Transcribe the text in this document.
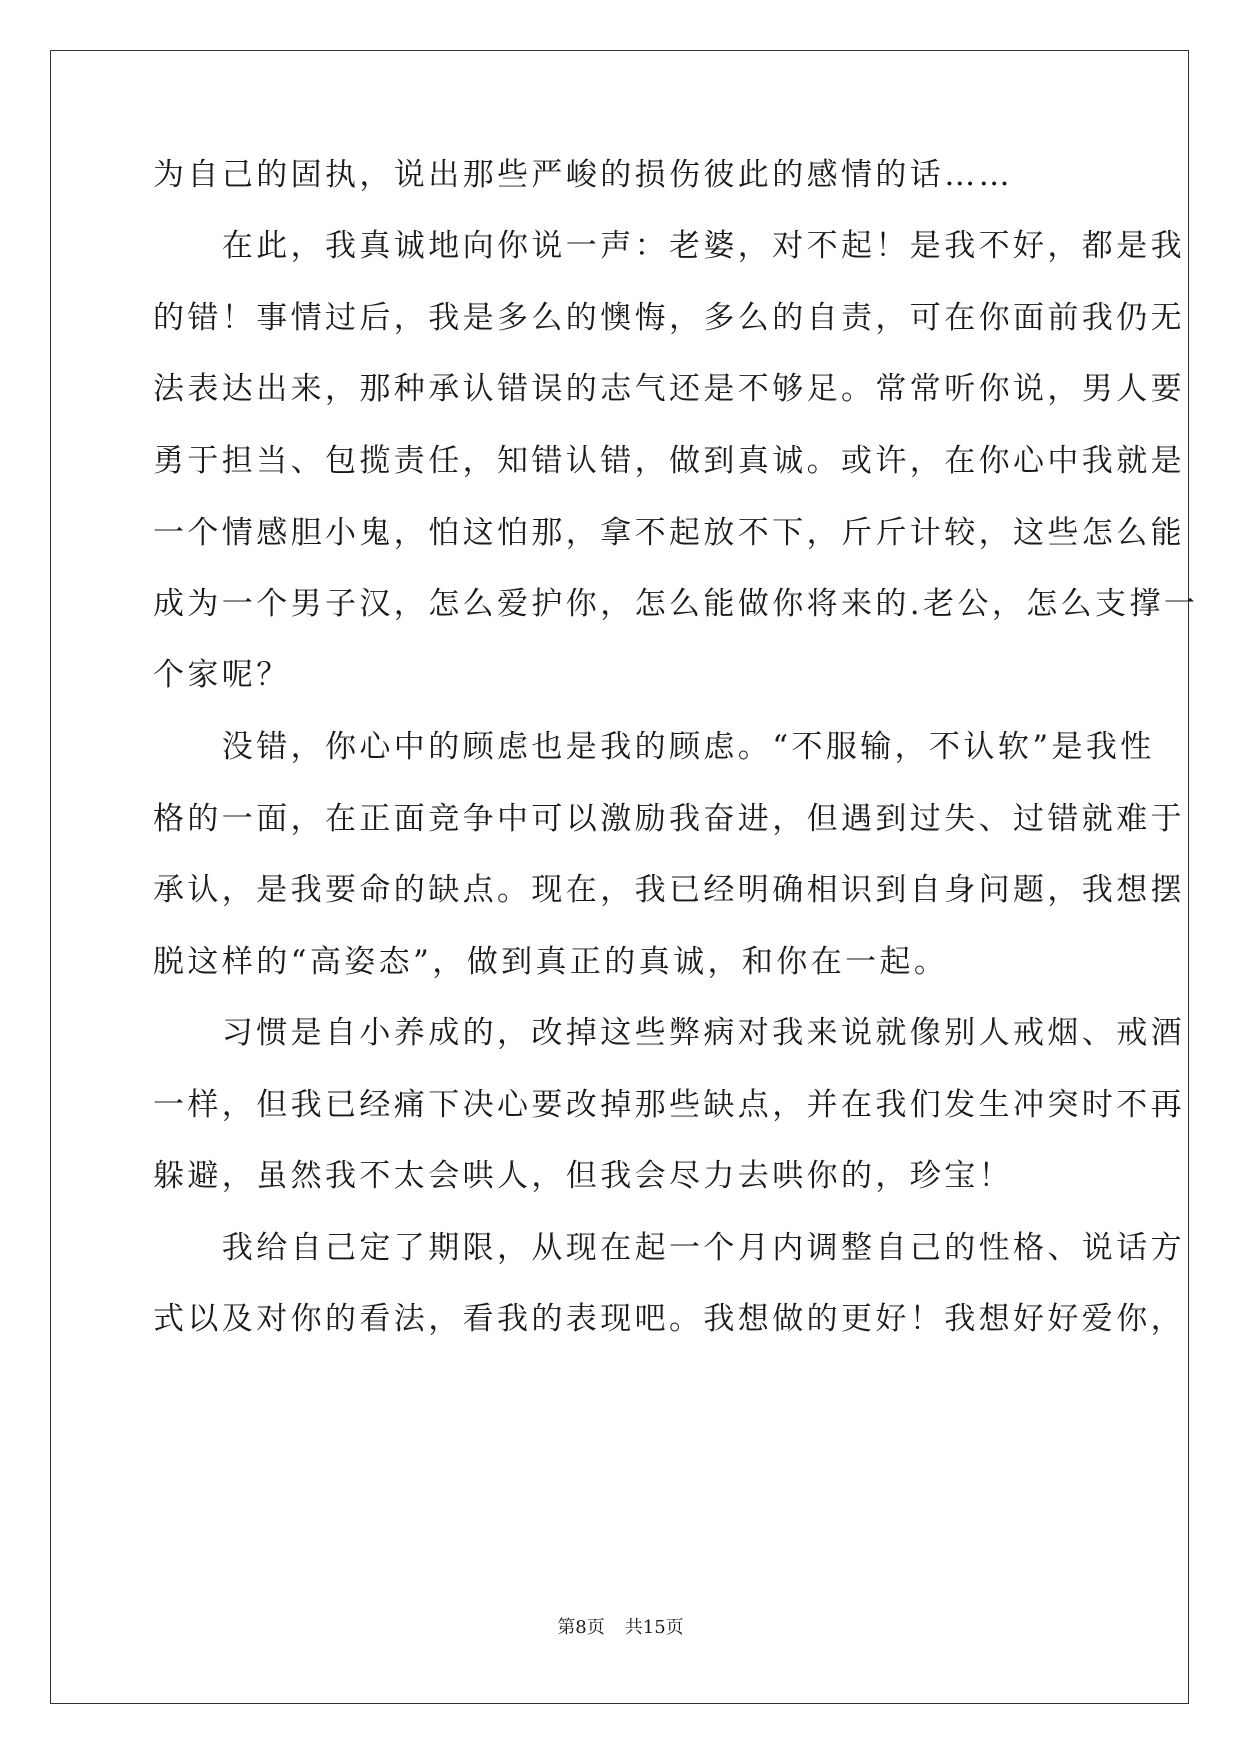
为自己的固执，说出那些严峻的损伤彼此的感情的话……
　　在此，我真诚地向你说一声：老婆，对不起！是我不好，都是我
的错！事情过后，我是多么的懊悔，多么的自责，可在你面前我仍无
法表达出来，那种承认错误的志气还是不够足。常常听你说，男人要
勇于担当、包揽责任，知错认错，做到真诚。或许，在你心中我就是
一个情感胆小鬼，怕这怕那，拿不起放不下，斤斤计较，这些怎么能
成为一个男子汉，怎么爱护你，怎么能做你将来的.老公，怎么支撑一
个家呢？
　　没错，你心中的顾虑也是我的顾虑。“不服输，不认软”是我性
格的一面，在正面竞争中可以激励我奋进，但遇到过失、过错就难于
承认，是我要命的缺点。现在，我已经明确相识到自身问题，我想摆
脱这样的“高姿态”，做到真正的真诚，和你在一起。
　　习惯是自小养成的，改掉这些弊病对我来说就像别人戒烟、戒酒
一样，但我已经痛下决心要改掉那些缺点，并在我们发生冲突时不再
躲避，虽然我不太会哄人，但我会尽力去哄你的，珍宝！
　　我给自己定了期限，从现在起一个月内调整自己的性格、说话方
式以及对你的看法，看我的表现吧。我想做的更好！我想好好爱你，
第8页 共15页
